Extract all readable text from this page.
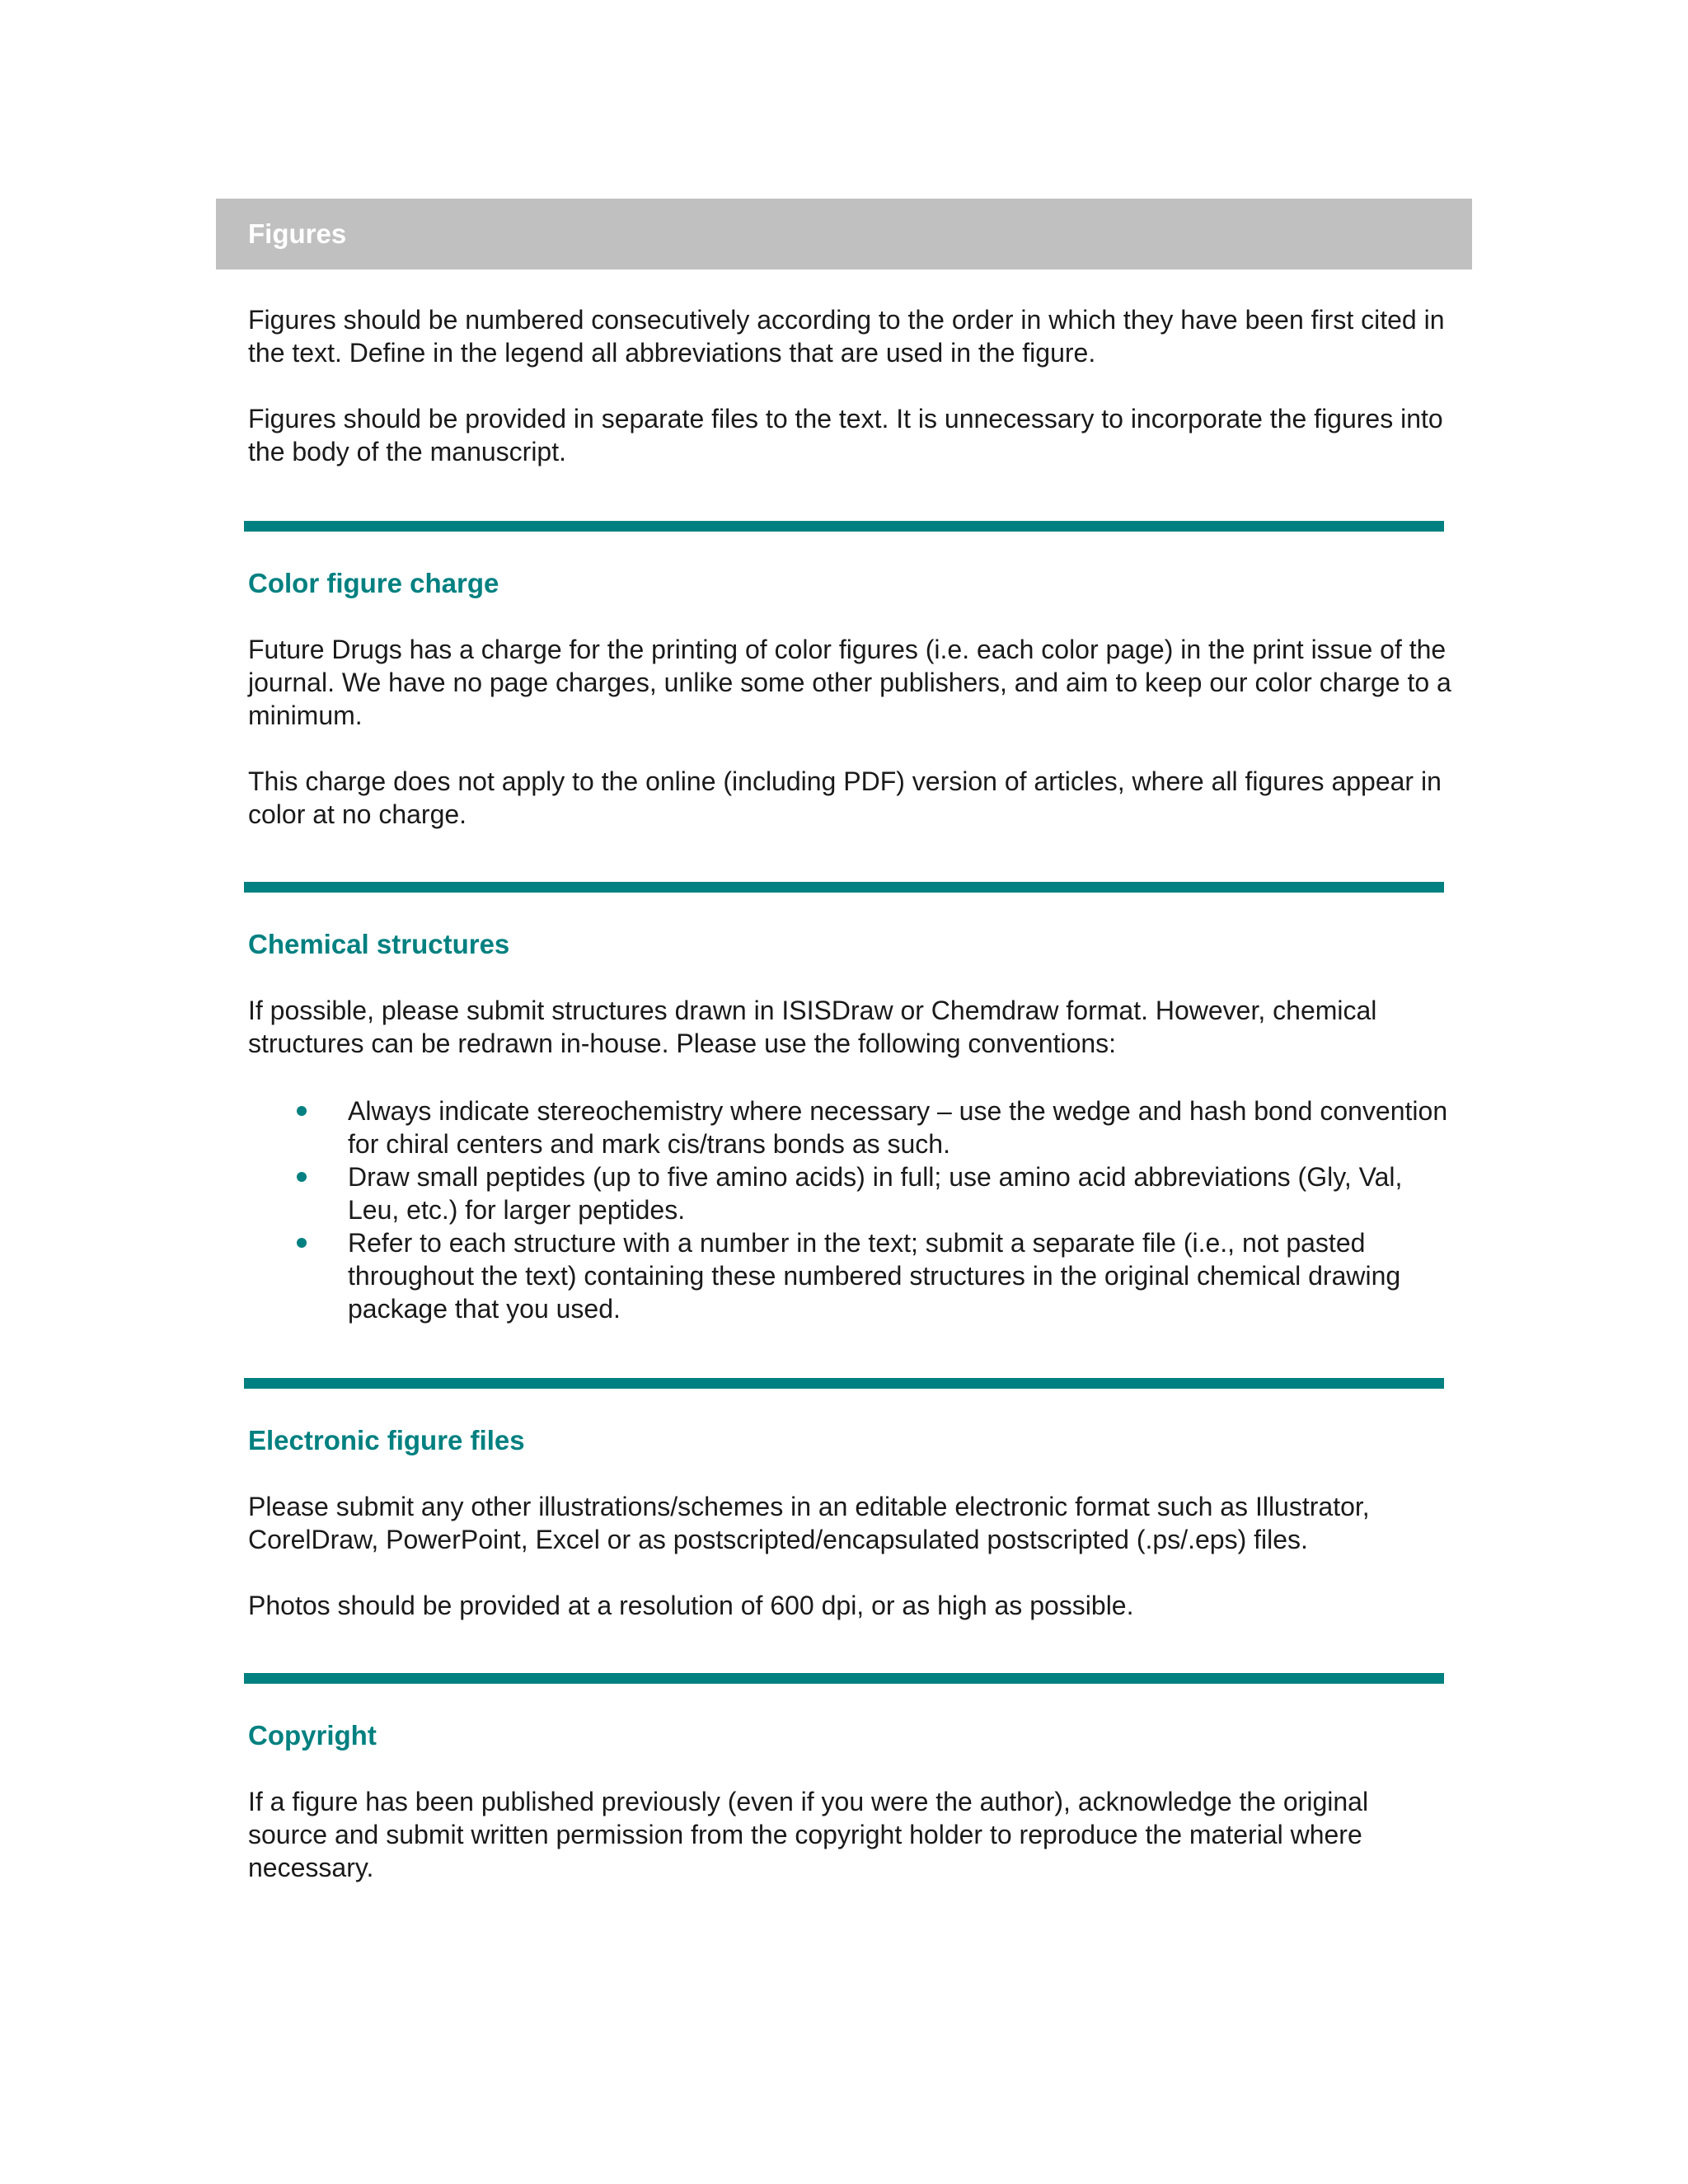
Figures

Figures should be numbered consecutively according to the order in which they have been first cited in the text. Define in the legend all abbreviations that are used in the figure.

Figures should be provided in separate files to the text. It is unnecessary to incorporate the figures into the body of the manuscript.

Color figure charge

Future Drugs has a charge for the printing of color figures (i.e. each color page) in the print issue of the journal. We have no page charges, unlike some other publishers, and aim to keep our color charge to a minimum.

This charge does not apply to the online (including PDF) version of articles, where all figures appear in color at no charge.

Chemical structures

If possible, please submit structures drawn in ISISDraw or Chemdraw format. However, chemical structures can be redrawn in-house. Please use the following conventions:

Always indicate stereochemistry where necessary – use the wedge and hash bond convention for chiral centers and mark cis/trans bonds as such.
Draw small peptides (up to five amino acids) in full; use amino acid abbreviations (Gly, Val, Leu, etc.) for larger peptides.
Refer to each structure with a number in the text; submit a separate file (i.e., not pasted throughout the text) containing these numbered structures in the original chemical drawing package that you used.
Electronic figure files

Please submit any other illustrations/schemes in an editable electronic format such as Illustrator, CorelDraw, PowerPoint, Excel or as postscripted/encapsulated postscripted (.ps/.eps) files.

Photos should be provided at a resolution of 600 dpi, or as high as possible.

Copyright

If a figure has been published previously (even if you were the author), acknowledge the original source and submit written permission from the copyright holder to reproduce the material where necessary.
